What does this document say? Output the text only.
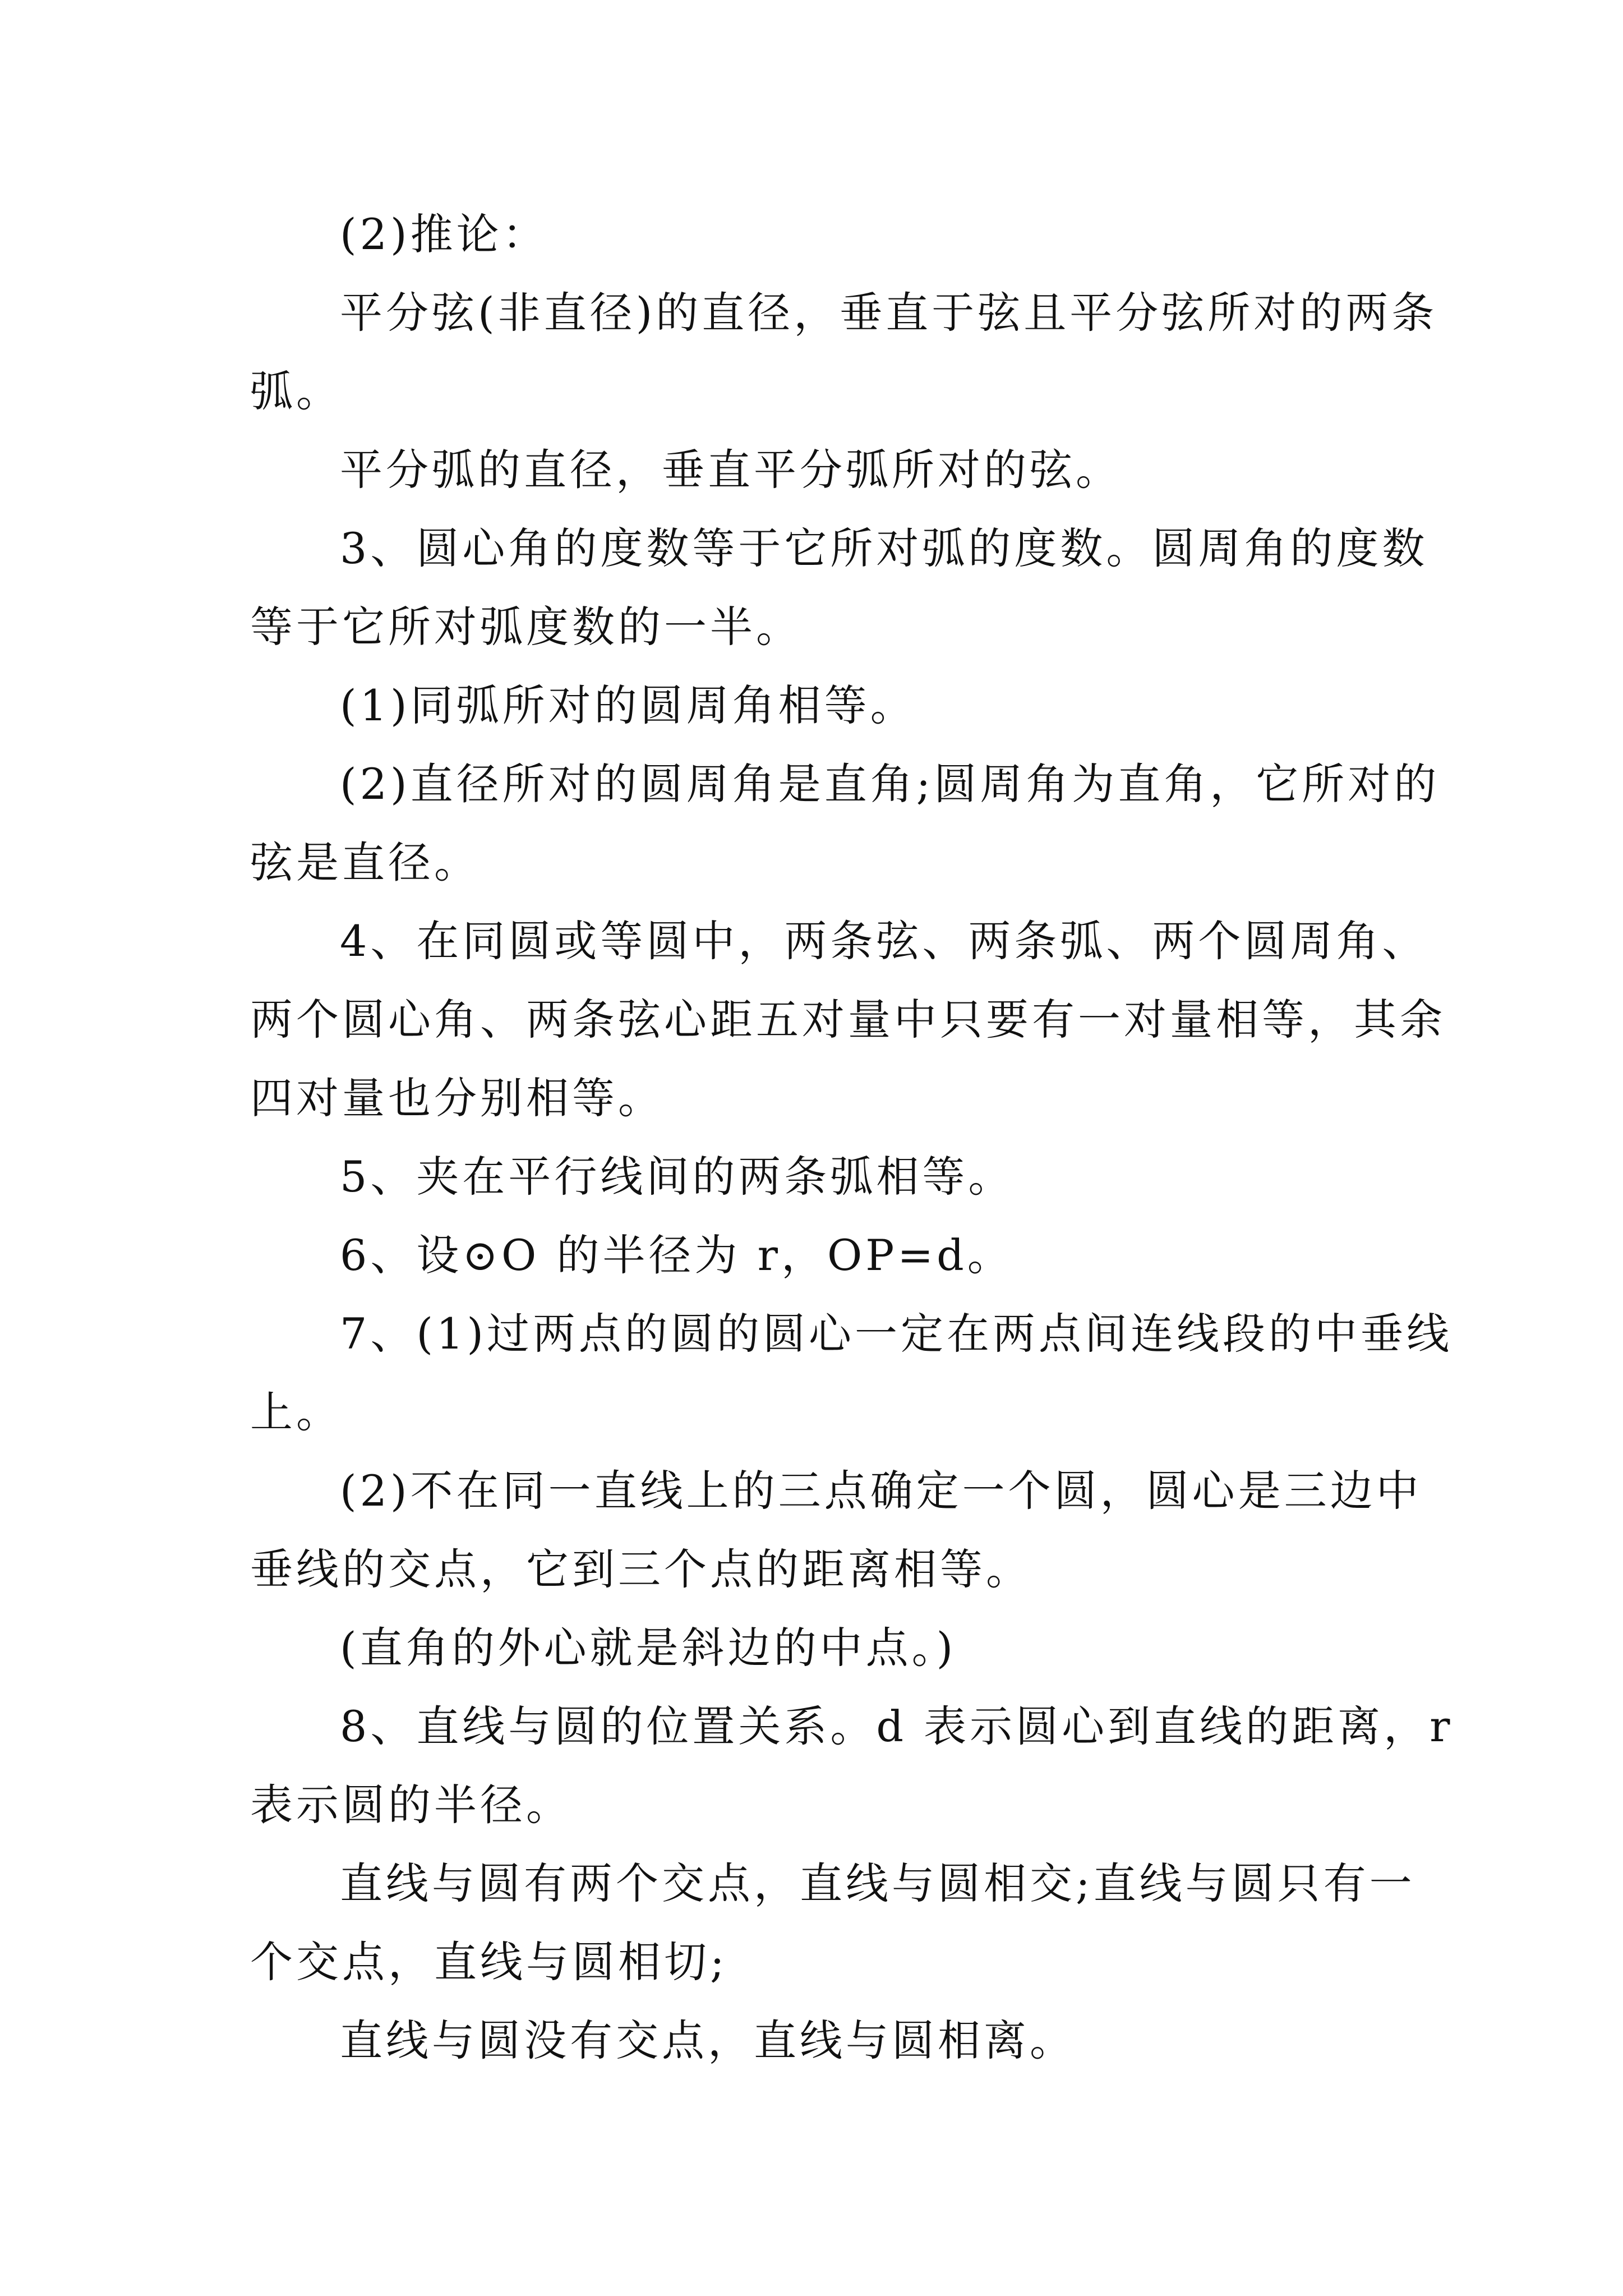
(2)推论：

平分弦(非直径)的直径，垂直于弦且平分弦所对的两条

弧。

平分弧的直径，垂直平分弧所对的弦。

3、圆心角的度数等于它所对弧的度数。圆周角的度数

等于它所对弧度数的一半。

(1)同弧所对的圆周角相等。

(2)直径所对的圆周角是直角;圆周角为直角，它所对的

弦是直径。

4、在同圆或等圆中，两条弦、两条弧、两个圆周角、

两个圆心角、两条弦心距五对量中只要有一对量相等，其余

四对量也分别相等。

5、夹在平行线间的两条弧相等。

6、设⊙O 的半径为 r，OP=d。

7、(1)过两点的圆的圆心一定在两点间连线段的中垂线

上。

(2)不在同一直线上的三点确定一个圆，圆心是三边中

垂线的交点，它到三个点的距离相等。

(直角的外心就是斜边的中点。)

8、直线与圆的位置关系。d 表示圆心到直线的距离，r

表示圆的半径。

直线与圆有两个交点，直线与圆相交;直线与圆只有一

个交点，直线与圆相切;

直线与圆没有交点，直线与圆相离。
